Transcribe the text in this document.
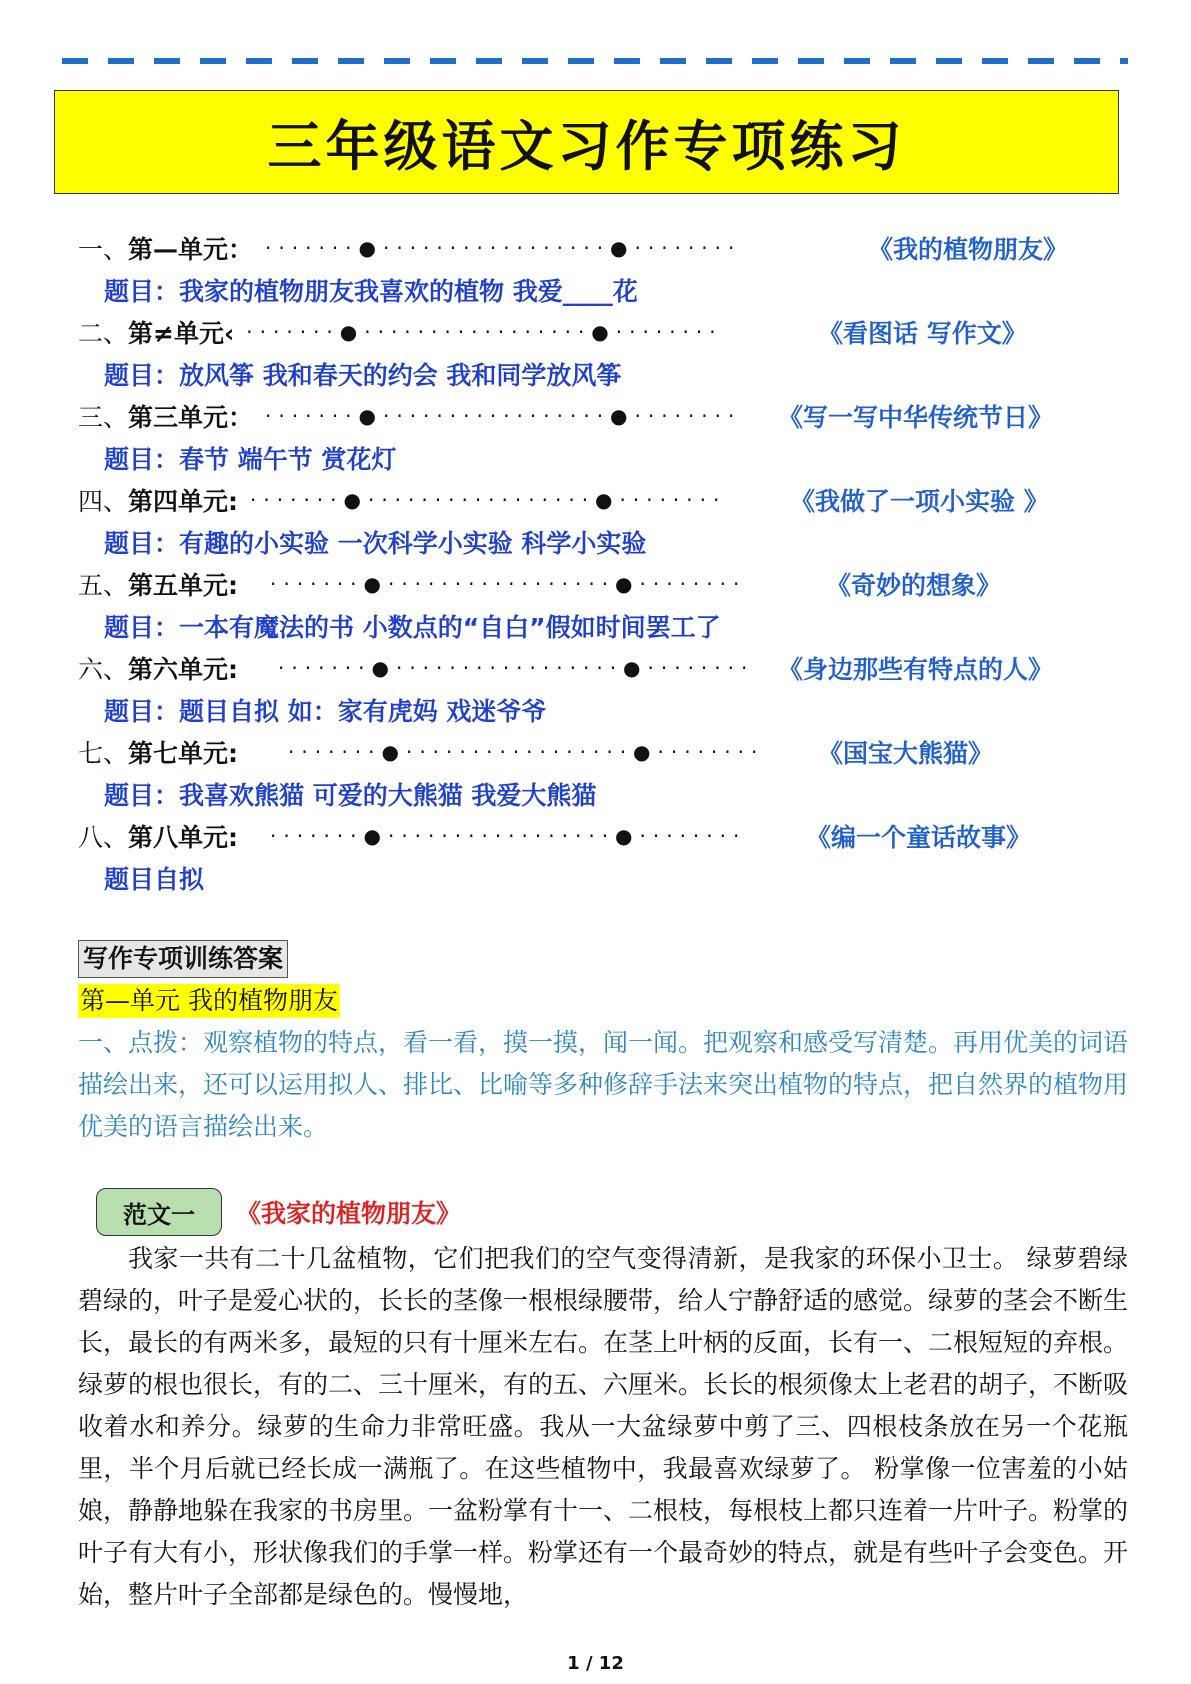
三年级语文习作专项练习
一、第—单元： ·······●·················●········	《我的植物朋友》
题目：我家的植物朋友我喜欢的植物 我爱____花
二、第≠单元‹ ·······●·················●········	《看图话 写作文》
题目：放风筝 我和春天的约会 我和同学放风筝
三、第三单元： ·······●·················●········	《写一写中华传统节日》
题目：春节 端午节 赏花灯
四、第四单元: ·······●·················●········	《我做了一项小实验 》
题目：有趣的小实验 一次科学小实验 科学小实验
五、第五单元: ·······●·················●········	《奇妙的想象》
题目：一本有魔法的书 小数点的“自白”假如时间罢工了
六、第六单元: ·······●·················●········ 《身边那些有特点的人》
题目：题目自拟 如：家有虎妈 戏迷爷爷
七、第七单元:	·······●·················●········	《国宝大熊猫》
题目：我喜欢熊猫 可爱的大熊猫 我爱大熊猫
八、第八单元: ·······●·················●········	《编一个童话故事》
题目自拟
写作专项训练答案
第—单元 我的植物朋友
一、点拨：观察植物的特点，看一看，摸一摸，闻一闻。把观察和感受写清楚。再用优美的词语描绘出来，还可以运用拟人、排比、比喻等多种修辞手法来突出植物的特点，把自然界的植物用优美的语言描绘出来。
范文一	《我家的植物朋友》
我家一共有二十几盆植物，它们把我们的空气变得清新，是我家的环保小卫士。 绿萝碧绿碧绿的，叶子是爱心状的，长长的茎像一根根绿腰带，给人宁静舒适的感觉。绿萝的茎会不断生长，最长的有两米多，最短的只有十厘米左右。在茎上叶柄的反面，长有一、二根短短的弃根。绿萝的根也很长，有的二、三十厘米，有的五、六厘米。长长的根须像太上老君的胡子，不断吸收着水和养分。绿萝的生命力非常旺盛。我从一大盆绿萝中剪了三、四根枝条放在另一个花瓶里，半个月后就已经长成一满瓶了。在这些植物中，我最喜欢绿萝了。 粉掌像一位害羞的小姑娘，静静地躲在我家的书房里。一盆粉掌有十一、二根枝，每根枝上都只连着一片叶子。粉掌的叶子有大有小，形状像我们的手掌一样。粉掌还有一个最奇妙的特点，就是有些叶子会变色。开始，整片叶子全部都是绿色的。慢慢地，
1 / 12
